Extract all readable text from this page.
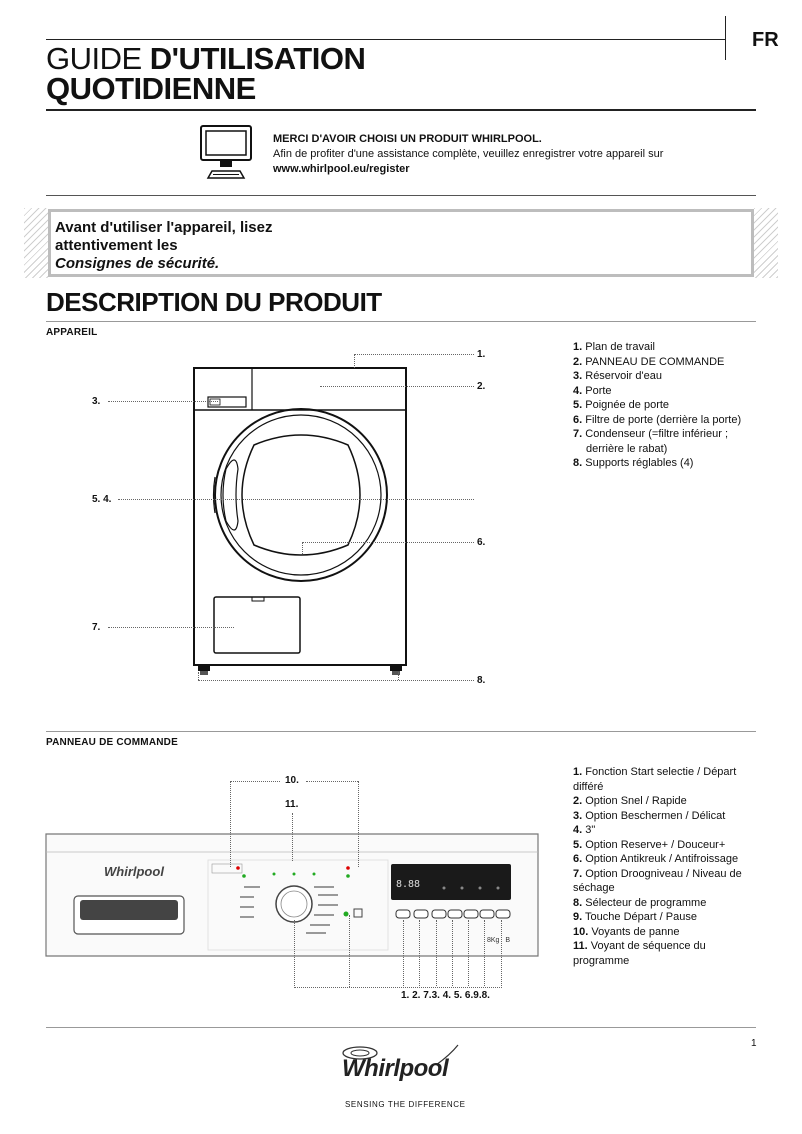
FR
GUIDE D'UTILISATION
QUOTIDIENNE
MERCI D'AVOIR CHOISI UN PRODUIT WHIRLPOOL.
Afin de profiter d'une assistance complète, veuillez enregistrer votre appareil sur
www.whirlpool.eu/register
Avant d'utiliser l'appareil, lisez
attentivement les
Consignes de sécurité.
DESCRIPTION DU PRODUIT
APPAREIL
1.
2.
3.
5. 4.
6.
7.
8.
1. Plan de travail
2. PANNEAU DE COMMANDE
3. Réservoir d'eau
4. Porte
5. Poignée de porte
6. Filtre de porte (derrière la porte)
7. Condenseur (=filtre inférieur ;
derrière le rabat)
8. Supports réglables (4)
PANNEAU DE COMMANDE
Whirlpool
8.88
8Kg B
10.
11.
1. 2. 7.3. 4. 5. 6.9.8.
1. Fonction Start selectie / Départ
différé
2. Option Snel / Rapide
3. Option Beschermen / Délicat
4. 3"
5. Option Reserve+ / Douceur+
6. Option Antikreuk / Antifroissage
7. Option Droogniveau / Niveau de
séchage
8. Sélecteur de programme
9. Touche Départ / Pause
10. Voyants de panne
11. Voyant de séquence du
programme
1
Whirlpool
SENSING THE DIFFERENCE
